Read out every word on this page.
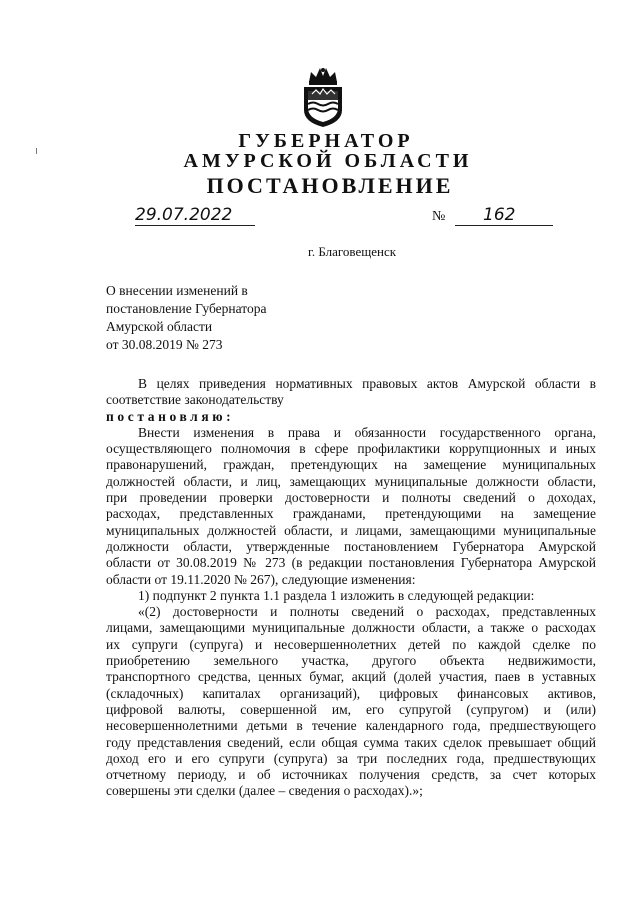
ГУБЕРНАТОР
АМУРСКОЙ ОБЛАСТИ
ПОСТАНОВЛЕНИЕ
29.07.2022	№	162
г. Благовещенск
О внесении изменений в
постановление Губернатора
Амурской области
от 30.08.2019 № 273
В целях приведения нормативных правовых актов Амурской области в
соответствие законодательству
постановляю:
Внести изменения в права и обязанности государственного органа,
осуществляющего полномочия в сфере профилактики коррупционных и иных
правонарушений, граждан, претендующих на замещение муниципальных
должностей области, и лиц, замещающих муниципальные должности области,
при проведении проверки достоверности и полноты сведений о доходах,
расходах, представленных гражданами, претендующими на замещение
муниципальных должностей области, и лицами, замещающими муниципальные
должности области, утвержденные постановлением Губернатора Амурской
области от 30.08.2019 № 273 (в редакции постановления Губернатора Амурской
области от 19.11.2020 № 267), следующие изменения:
1) подпункт 2 пункта 1.1 раздела 1 изложить в следующей редакции:
«(2) достоверности и полноты сведений о расходах, представленных
лицами, замещающими муниципальные должности области, а также о расходах
их супруги (супруга) и несовершеннолетних детей по каждой сделке по
приобретению земельного участка, другого объекта недвижимости,
транспортного средства, ценных бумаг, акций (долей участия, паев в уставных
(складочных) капиталах организаций), цифровых финансовых активов,
цифровой валюты, совершенной им, его супругой (супругом) и (или)
несовершеннолетними детьми в течение календарного года, предшествующего
году представления сведений, если общая сумма таких сделок превышает общий
доход его и его супруги (супруга) за три последних года, предшествующих
отчетному периоду, и об источниках получения средств, за счет которых
совершены эти сделки (далее – сведения о расходах).»;
